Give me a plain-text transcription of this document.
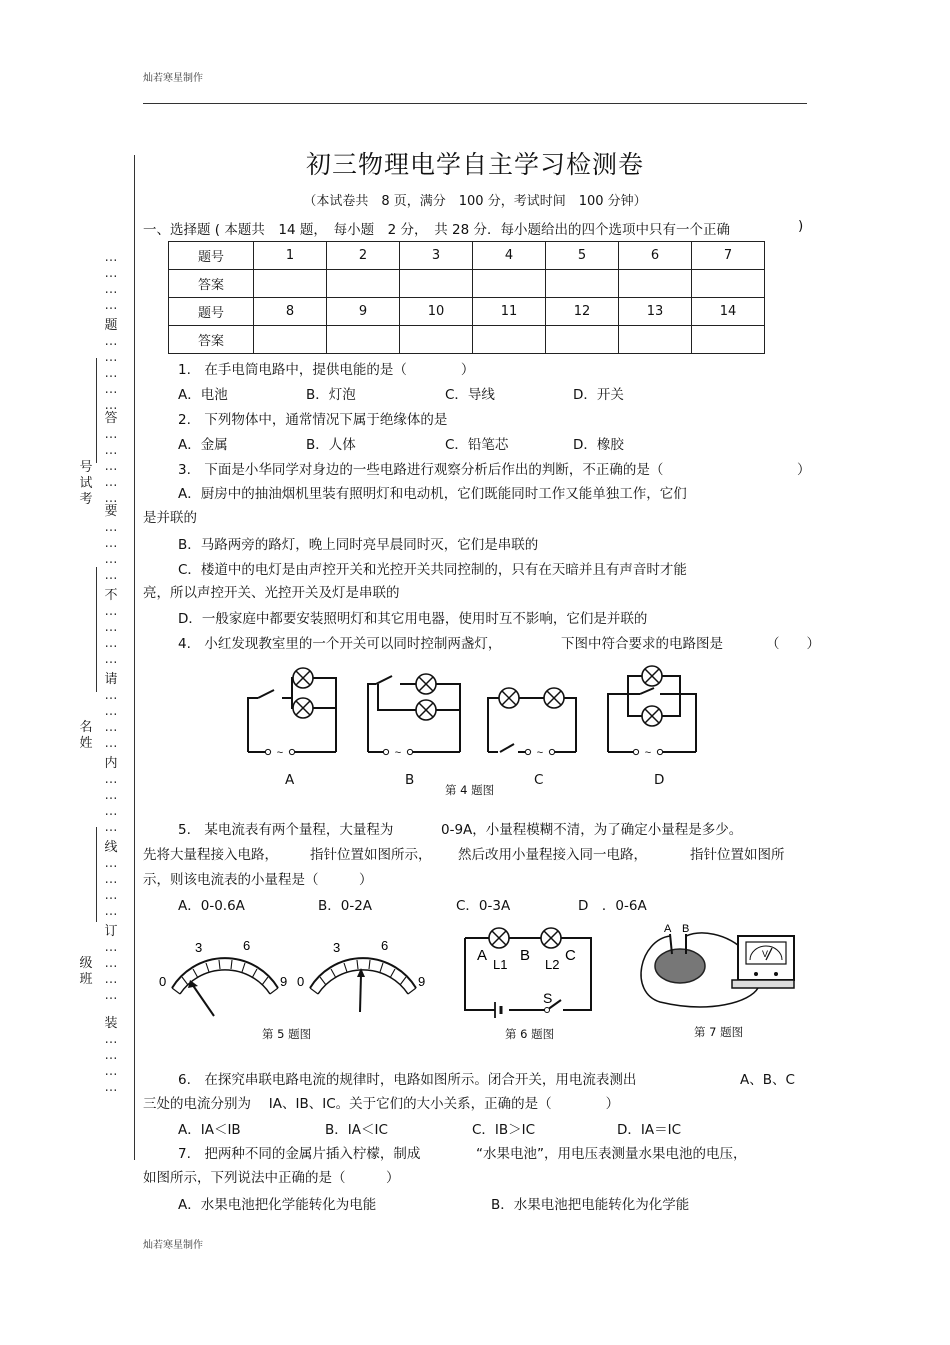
灿若寒星制作
灿若寒星制作
初三物理电学自主学习检测卷
（本试卷共　8 页，满分　100 分，考试时间　100 分钟）
…
…
…
…
题
…
…
…
…
…
答
…
…
…
…
…
要
…
…
…
…
不
…
…
…
…
请
…
…
…
…
内
…
…
…
…
线
…
…
…
…
订
…
…
…
…
装
…
…
…
…
号试考
名姓
级班
一、选择题 ( 本题共　14 题，　每小题　2 分，　共 28 分．每小题给出的四个选项中只有一个正确	)
题号	1	2	3	4	5	6	7
答案							
题号	8	9	10	11	12	13	14
答案							
1.　在手电筒电路中，提供电能的是（　　　　）
A．电池	B．灯泡	C．导线	D．开关
2.　下列物体中，通常情况下属于绝缘体的是
A．金属	B．人体	C．铅笔芯	D．橡胶
3.　下面是小华同学对身边的一些电路进行观察分析后作出的判断，不正确的是（	）
A．厨房中的抽油烟机里装有照明灯和电动机，它们既能同时工作又能单独工作，它们
是并联的
B．马路两旁的路灯，晚上同时亮早晨同时灭，它们是串联的
C．楼道中的电灯是由声控开关和光控开关共同控制的，只有在天暗并且有声音时才能
亮，所以声控开关、光控开关及灯是串联的
D．一般家庭中都要安装照明灯和其它用电器，使用时互不影响，它们是并联的
4.　小红发现教室里的一个开关可以同时控制两盏灯，	下图中符合要求的电路图是	（　　）
~
A	B	C	D
第 4 题图
5.　某电流表有两个量程，大量程为	0-9A，小量程模糊不清，为了确定小量程是多少。
先将大量程接入电路， 指针位置如图所示， 然后改用小量程接入同一电路，	指针位置如图所
示，则该电流表的小量程是（　　　）
A．0-0.6A	B．0-2A	C．0-3A	D　．0-6A
0
3	6
9 0
3	6
9
第 5 题图
A B C
L1	L2
S
第 6 题图
A B
V
第 7 题图
6.　在探究串联电路电流的规律时，电路如图所示。闭合开关，用电流表测出	A、B、C
三处的电流分别为　 IA、IB、IC。关于它们的大小关系，正确的是（　　　　）
A．IA＜IB	B．IA＜IC	C．IB＞IC	D．IA＝IC
7.　把两种不同的金属片插入柠檬，制成	“水果电池”，用电压表测量水果电池的电压，
如图所示，下列说法中正确的是（　　　）
A．水果电池把化学能转化为电能	B．水果电池把电能转化为化学能
